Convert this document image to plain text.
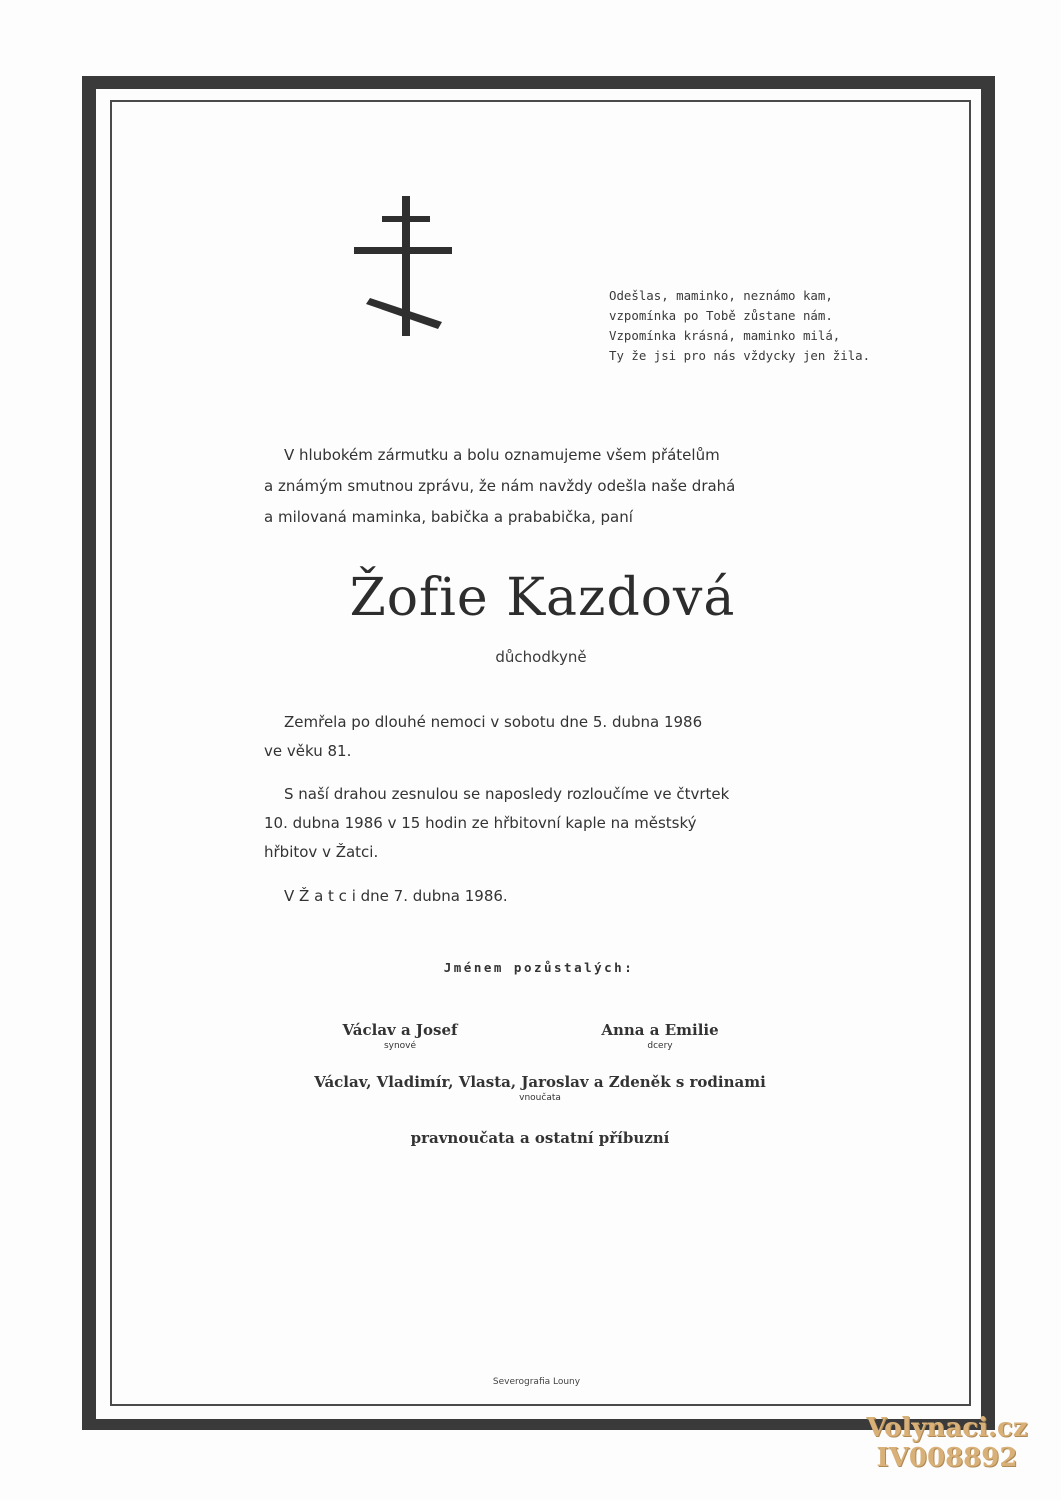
Odešlas, maminko, neznámo kam,
vzpomínka po Tobě zůstane nám.
Vzpomínka krásná, maminko milá,
Ty že jsi pro nás vždycky jen žila.
V hlubokém zármutku a bolu oznamujeme všem přátelům
a známým smutnou zprávu, že nám navždy odešla naše drahá
a milovaná maminka, babička a prababička, paní
Žofie Kazdová
důchodkyně
Zemřela po dlouhé nemoci v sobotu dne 5. dubna 1986
ve věku 81.
S naší drahou zesnulou se naposledy rozloučíme ve čtvrtek
10. dubna 1986 v 15 hodin ze hřbitovní kaple na městský
hřbitov v Žatci.
V Ž a t c i dne 7. dubna 1986.
Jménem pozůstalých:
Václav a Josef
synové
Anna a Emilie
dcery
Václav, Vladimír, Vlasta, Jaroslav a Zdeněk s rodinami
vnoučata
pravnoučata a ostatní příbuzní
Severografia Louny
Volynaci.cz
IV008892
